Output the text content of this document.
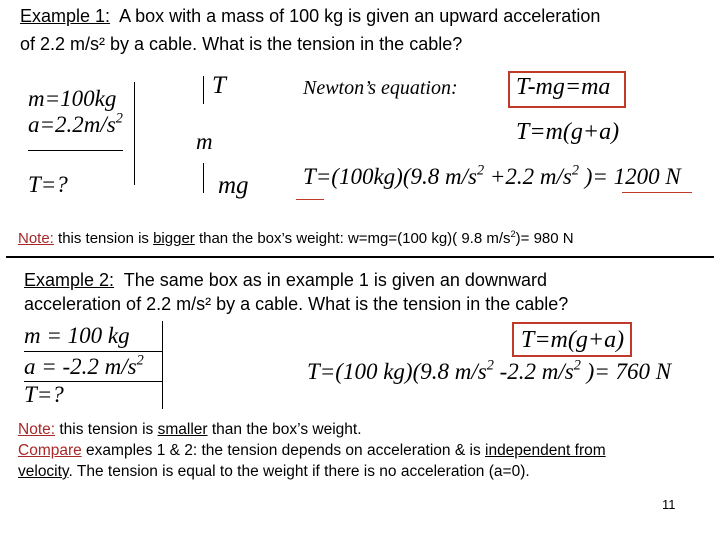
Example 1: A box with a mass of 100 kg is given an upward acceleration
of 2.2 m/s² by a cable. What is the tension in the cable?
m=100kg
$a=2.2m/s^2$
T=?
T
m
mg
Newton’s equation: T-mg=ma
T=m(g+a)
T=(100kg)(9.8 $m/s^2 +2.2$ $m/s^2$ )= 1200 N
Note: this tension is bigger than the box’s weight: w=mg=(100 kg)( 9.8 $m/s^2)= 980$ N
Example 2: The same box as in example 1 is given an downward
acceleration of 2.2 m/s² by a cable. What is the tension in the cable?
m = 100 kg
a = -2.2 $m/s^2$
T=?
T=m(g+a)
T=(100 kg)(9.8 $m/s^2$ -2.2 $m/s^2$ )= 760 N
Note: this tension is smaller than the box’s weight.
Compare examples 1 & 2: the tension depends on acceleration & is independent from
velocity. The tension is equal to the weight if there is no acceleration (a=0).
11
